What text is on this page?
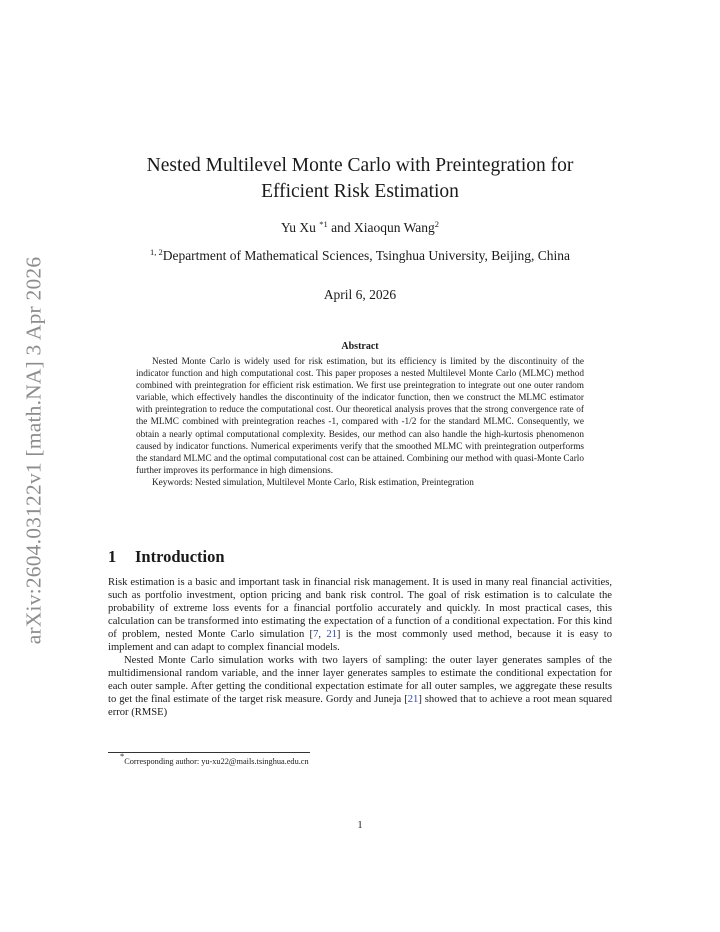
arXiv:2604.03122v1 [math.NA] 3 Apr 2026
Nested Multilevel Monte Carlo with Preintegration for
Efficient Risk Estimation
Yu Xu $^{*1}$ and Xiaoqun Wang$^2$
$^{1, 2}$Department of Mathematical Sciences, Tsinghua University, Beijing, China
April 6, 2026
Abstract
Nested Monte Carlo is widely used for risk estimation, but its efficiency is limited by the discontinuity of the indicator function and high computational cost. This paper proposes a nested Multilevel Monte Carlo (MLMC) method combined with preintegration for efficient risk estimation. We first use preintegration to integrate out one outer random variable, which effectively handles the discontinuity of the indicator function, then we construct the MLMC estimator with preintegration to reduce the computational cost. Our theoretical analysis proves that the strong convergence rate of the MLMC combined with preintegration reaches -1, compared with -1/2 for the standard MLMC. Consequently, we obtain a nearly optimal computational complexity. Besides, our method can also handle the high-kurtosis phenomenon caused by indicator functions. Numerical experiments verify that the smoothed MLMC with preintegration outperforms the standard MLMC and the optimal computational cost can be attained. Combining our method with quasi-Monte Carlo further improves its performance in high dimensions.
Keywords: Nested simulation, Multilevel Monte Carlo, Risk estimation, Preintegration
1 Introduction

Risk estimation is a basic and important task in financial risk management. It is used in many real financial activities, such as portfolio investment, option pricing and bank risk control. The goal of risk estimation is to calculate the probability of extreme loss events for a financial portfolio accurately and quickly. In most practical cases, this calculation can be transformed into estimating the expectation of a function of a conditional expectation. For this kind of problem, nested Monte Carlo simulation [7, 21] is the most commonly used method, because it is easy to implement and can adapt to complex financial models.

Nested Monte Carlo simulation works with two layers of sampling: the outer layer generates samples of the multidimensional random variable, and the inner layer generates samples to estimate the conditional expectation for each outer sample. After getting the conditional expectation estimate for all outer samples, we aggregate these results to get the final estimate of the target risk measure. Gordy and Juneja [21] showed that to achieve a root mean squared error (RMSE)

*Corresponding author: yu-xu22@mails.tsinghua.edu.cn
1
